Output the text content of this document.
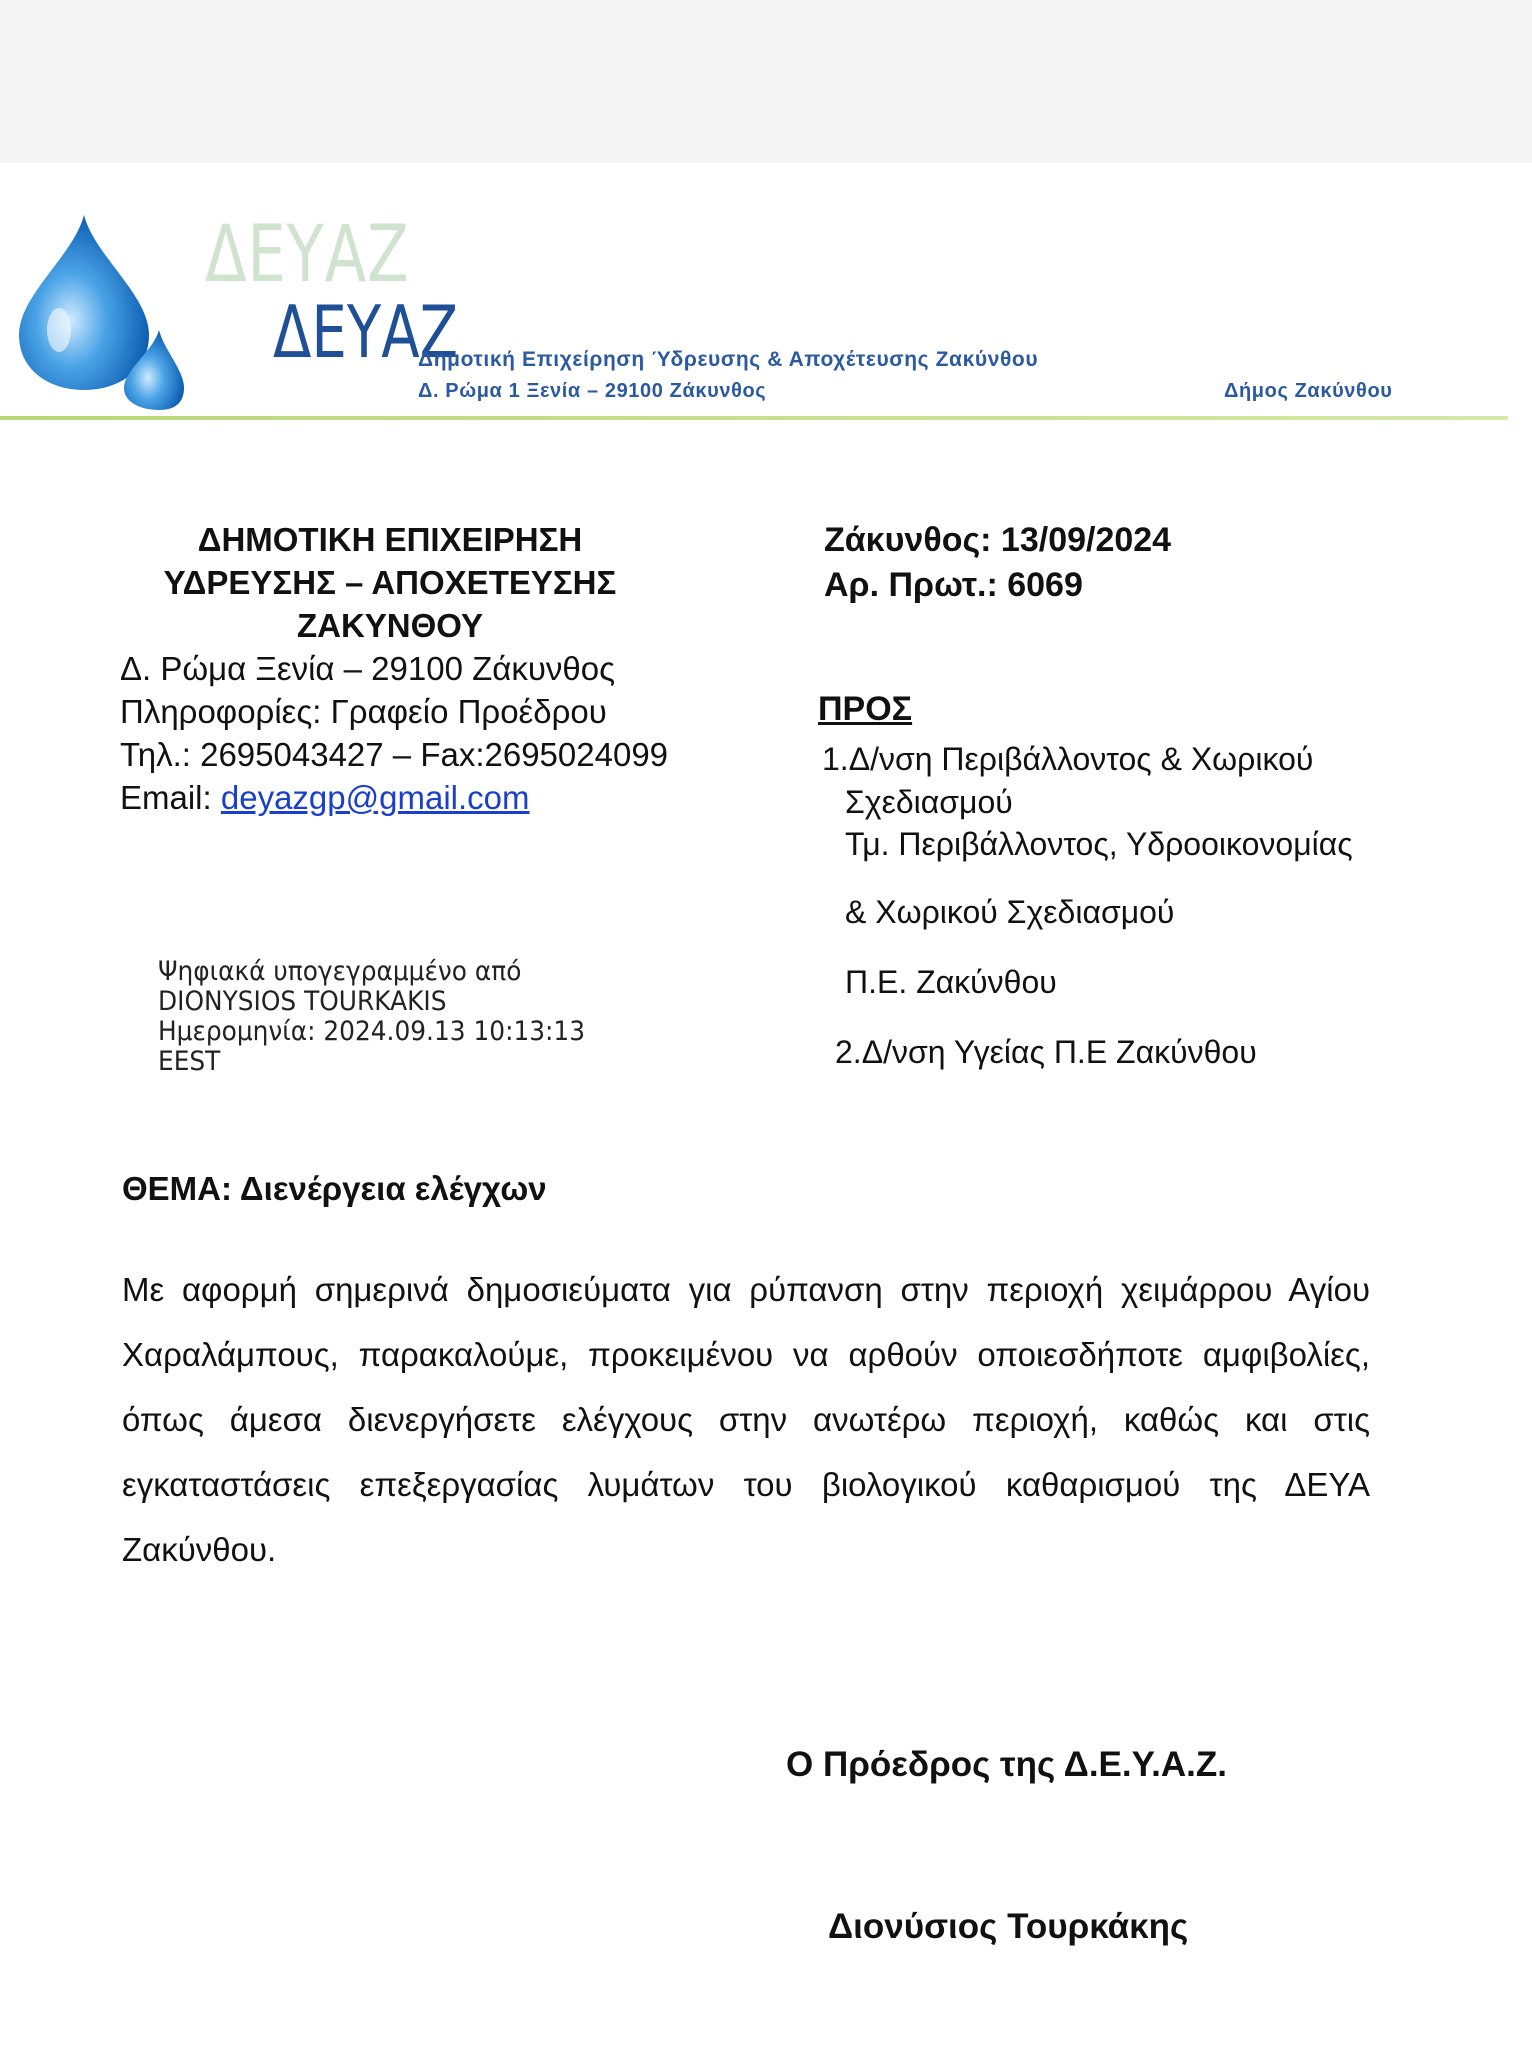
ΔΕΥΑΖ
ΔΕΥΑΖ
Δημοτική Επιχείρηση Ύδρευσης & Αποχέτευσης Ζακύνθου
Δ. Ρώμα 1 Ξενία – 29100 Ζάκυνθος	Δήμος Ζακύνθου
ΔΗΜΟΤΙΚΗ ΕΠΙΧΕΙΡΗΣΗ
ΥΔΡΕΥΣΗΣ – ΑΠΟΧΕΤΕΥΣΗΣ
ΖΑΚΥΝΘΟΥ
Δ. Ρώμα Ξενία – 29100 Ζάκυνθος
Πληροφορίες: Γραφείο Προέδρου
Τηλ.: 2695043427 – Fax:2695024099
Email: deyazgp@gmail.com
Ζάκυνθος: 13/09/2024
Αρ. Πρωτ.: 6069
ΠΡΟΣ
1.Δ/νση Περιβάλλοντος & Χωρικού
Σχεδιασμού
Τμ. Περιβάλλοντος, Υδροοικονομίας
& Χωρικού Σχεδιασμού
Π.Ε. Ζακύνθου
2.Δ/νση Υγείας Π.Ε Ζακύνθου
Ψηφιακά υπογεγραμμένο από
DIONYSIOS TOURKAKIS
Ημερομηνία: 2024.09.13 10:13:13
EEST
ΘΕΜΑ: Διενέργεια ελέγχων
Με αφορμή σημερινά δημοσιεύματα για ρύπανση στην περιοχή χειμάρρου Αγίου Χαραλάμπους, παρακαλούμε, προκειμένου να αρθούν οποιεσδήποτε αμφιβολίες, όπως άμεσα διενεργήσετε ελέγχους στην ανωτέρω περιοχή, καθώς και στις εγκαταστάσεις επεξεργασίας λυμάτων του βιολογικού καθαρισμού της ΔΕΥΑ Ζακύνθου.
Ο Πρόεδρος της Δ.Ε.Υ.Α.Ζ.
Διονύσιος Τουρκάκης
